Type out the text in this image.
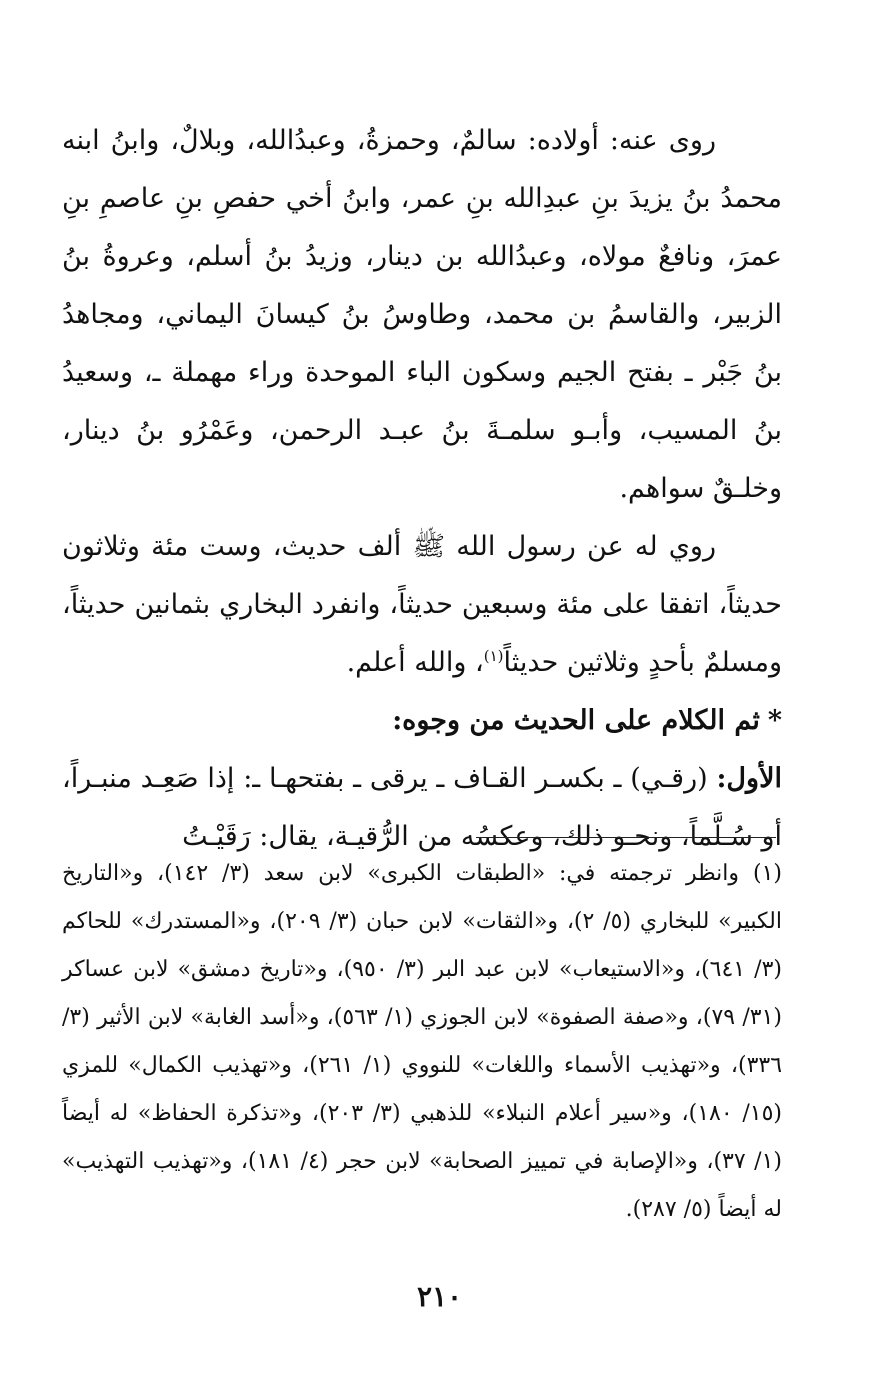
روى عنه: أولاده: سالمٌ، وحمزةُ، وعبدُالله، وبلالٌ، وابنُ ابنه محمدُ بنُ يزيدَ بنِ عبدِالله بنِ عمر، وابنُ أخي حفصِ بنِ عاصمِ بنِ عمرَ، ونافعٌ مولاه، وعبدُالله بن دينار، وزيدُ بنُ أسلم، وعروةُ بنُ الزبير، والقاسمُ بن محمد، وطاوسُ بنُ كيسانَ اليماني، ومجاهدُ بنُ جَبْر ـ بفتح الجيم وسكون الباء الموحدة وراء مهملة ـ، وسعيدُ بنُ المسيب، وأبـو سلمـةَ بنُ عبـد الرحمن، وعَمْرُو بنُ دينار، وخلـقٌ سواهم.

روي له عن رسول الله ﷺ ألف حديث، وست مئة وثلاثون حديثاً، اتفقا على مئة وسبعين حديثاً، وانفرد البخاري بثمانين حديثاً، ومسلمٌ بأحدٍ وثلاثين حديثاً$^{(١)}$، والله أعلم.

*ثم الكلام على الحديث من وجوه:

الأول: (رقـي) ـ بكسـر القـاف ـ يرقى ـ بفتحهـا ـ: إذا صَعِـد منبـراً، أو سُـلَّماً، ونحـو ذلك، وعكسُه من الرُّقيـة، يقال: رَقَيْـتُ

(١)وانظر ترجمته في: «الطبقات الكبرى» لابن سعد (٣/ ١٤٢)، و«التاريخ الكبير» للبخاري (٥/ ٢)، و«الثقات» لابن حبان (٣/ ٢٠٩)، و«المستدرك» للحاكم (٣/ ٦٤١)، و«الاستيعاب» لابن عبد البر (٣/ ٩٥٠)، و«تاريخ دمشق» لابن عساكر (٣١/ ٧٩)، و«صفة الصفوة» لابن الجوزي (١/ ٥٦٣)، و«أسد الغابة» لابن الأثير (٣/ ٣٣٦)، و«تهذيب الأسماء واللغات» للنووي (١/ ٢٦١)، و«تهذيب الكمال» للمزي (١٥/ ١٨٠)، و«سير أعلام النبلاء» للذهبي (٣/ ٢٠٣)، و«تذكرة الحفاظ» له أيضاً (١/ ٣٧)، و«الإصابة في تمييز الصحابة» لابن حجر (٤/ ١٨١)، و«تهذيب التهذيب» له أيضاً (٥/ ٢٨٧).

٢١٠
